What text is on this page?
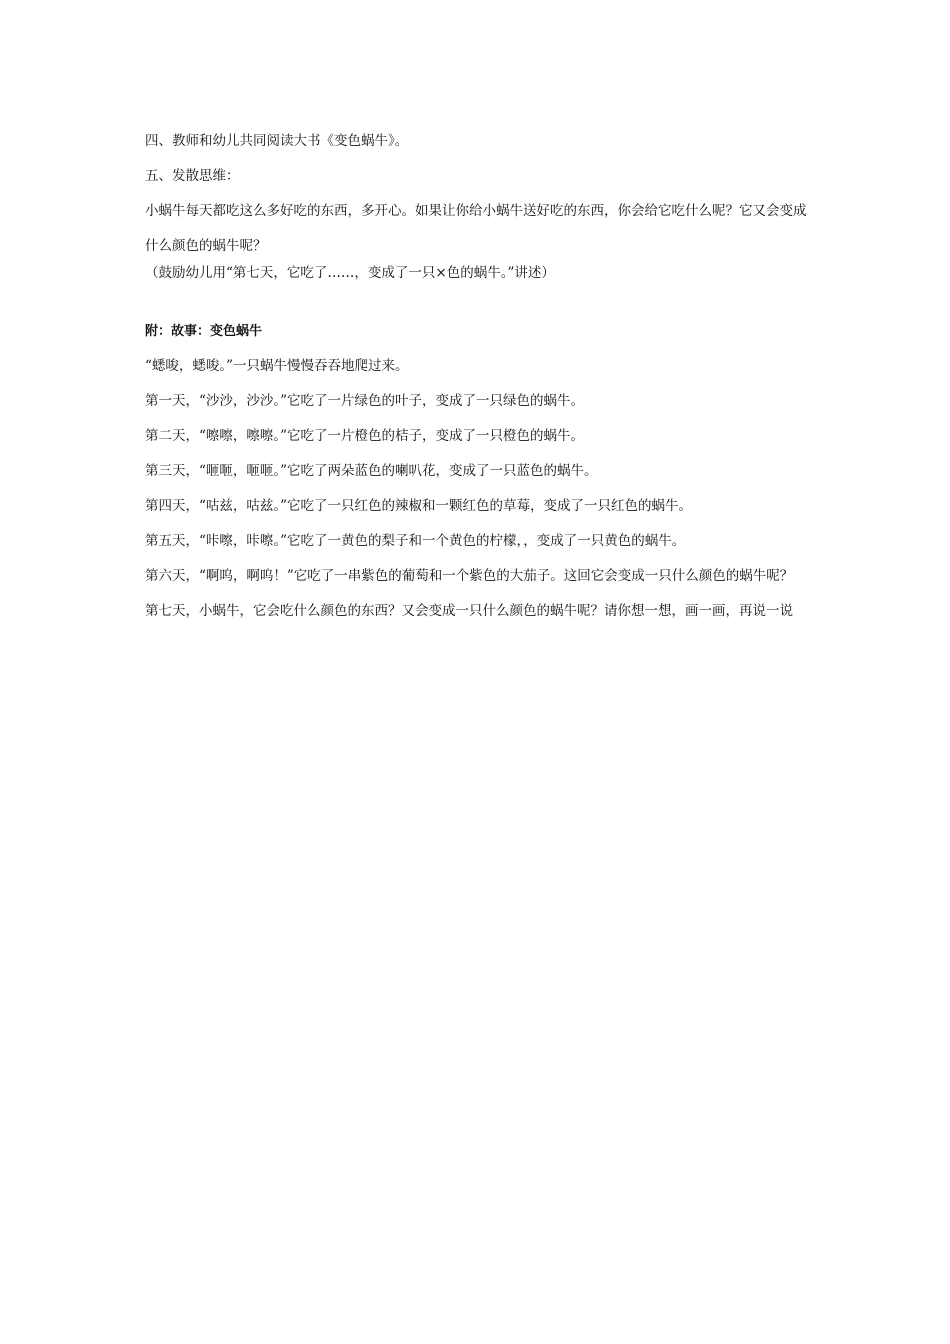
四、教师和幼儿共同阅读大书《变色蜗牛》。

五、发散思维：

小蜗牛每天都吃这么多好吃的东西，多开心。如果让你给小蜗牛送好吃的东西，你会给它吃什么呢？它又会变成什么颜色的蜗牛呢？

（鼓励幼儿用“第七天，它吃了……，变成了一只×色的蜗牛。”讲述）

附：故事：变色蜗牛

“蟋唆，蟋唆。”一只蜗牛慢慢吞吞地爬过来。

第一天，“沙沙，沙沙。”它吃了一片绿色的叶子，变成了一只绿色的蜗牛。

第二天，“嚓嚓，嚓嚓。”它吃了一片橙色的桔子，变成了一只橙色的蜗牛。

第三天，“咂咂，咂咂。”它吃了两朵蓝色的喇叭花，变成了一只蓝色的蜗牛。

第四天，“咕兹，咕兹。”它吃了一只红色的辣椒和一颗红色的草莓，变成了一只红色的蜗牛。

第五天，“咔嚓，咔嚓。”它吃了一黄色的梨子和一个黄色的柠檬，，变成了一只黄色的蜗牛。

第六天，“啊呜，啊呜！”它吃了一串紫色的葡萄和一个紫色的大茄子。这回它会变成一只什么颜色的蜗牛呢？

第七天，小蜗牛，它会吃什么颜色的东西？又会变成一只什么颜色的蜗牛呢？请你想一想，画一画，再说一说
